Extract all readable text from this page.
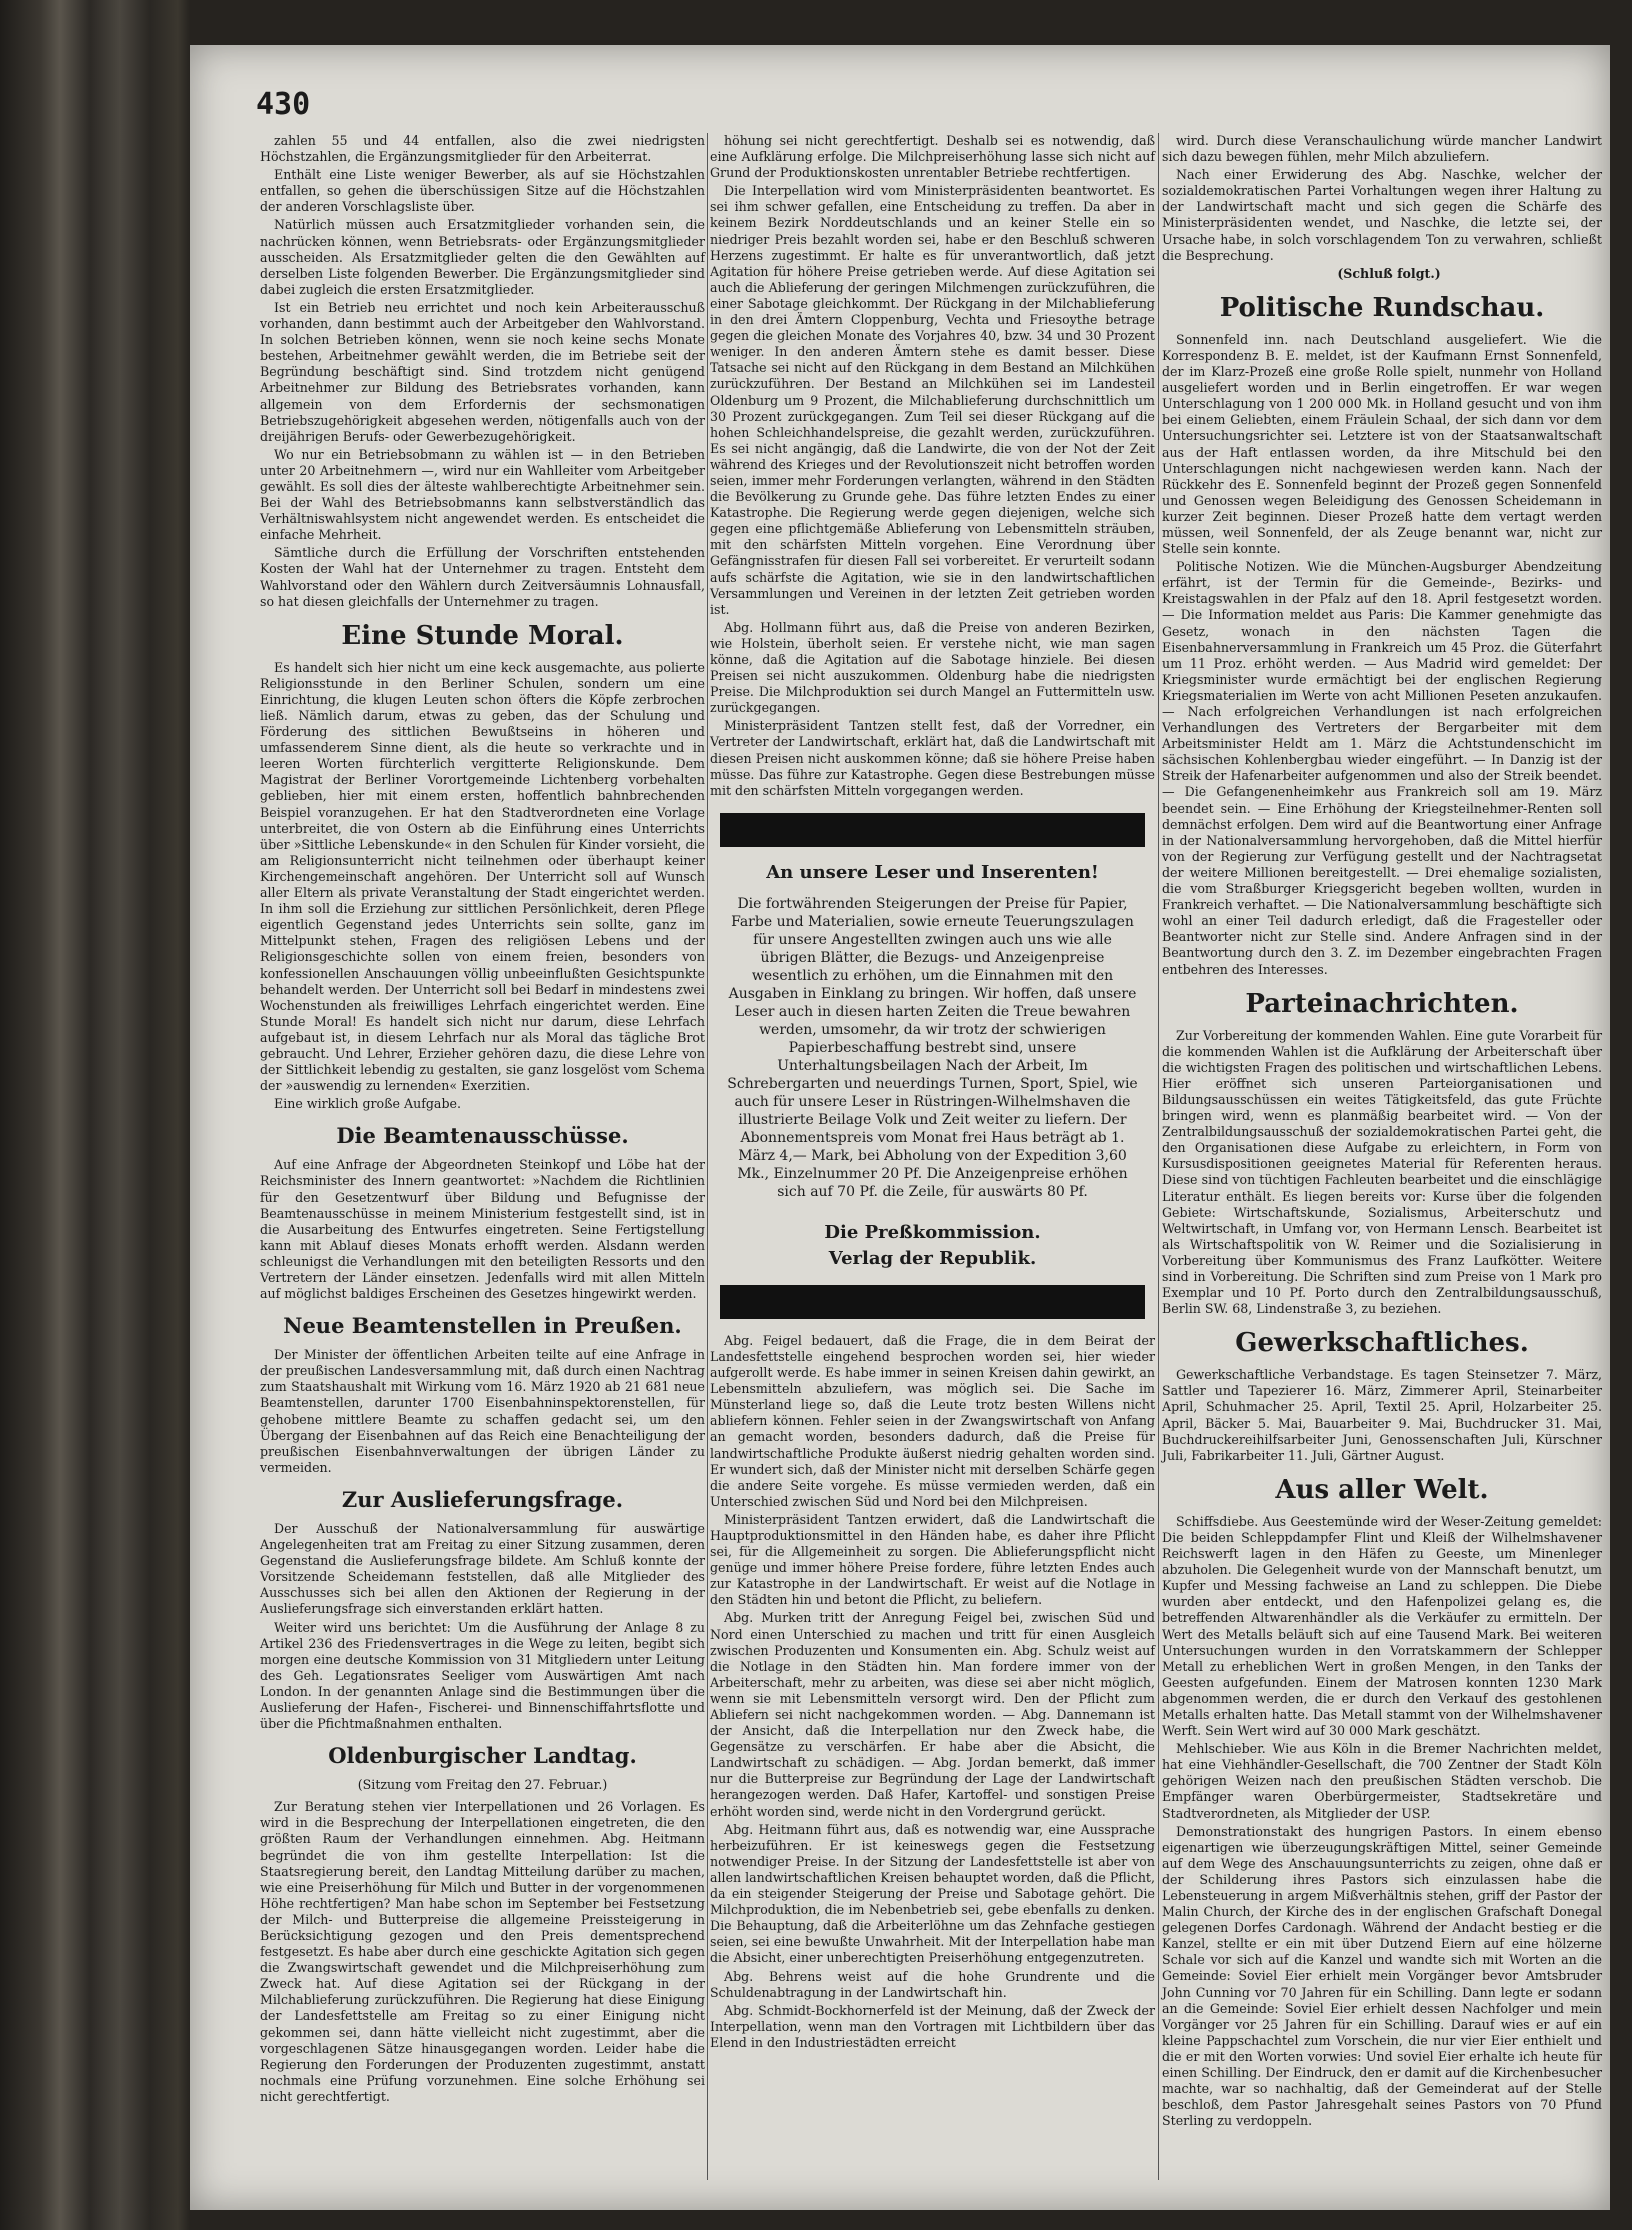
430

zahlen 55 und 44 entfallen, also die zwei niedrigsten Höchstzahlen, die Ergänzungsmitglieder für den Arbeiterrat.

Enthält eine Liste weniger Bewerber, als auf sie Höchstzahlen entfallen, so gehen die überschüssigen Sitze auf die Höchstzahlen der anderen Vorschlagsliste über.

Natürlich müssen auch Ersatzmitglieder vorhanden sein, die nachrücken können, wenn Betriebsrats- oder Ergänzungsmitglieder ausscheiden. Als Ersatzmitglieder gelten die den Gewählten auf derselben Liste folgenden Bewerber. Die Ergänzungsmitglieder sind dabei zugleich die ersten Ersatzmitglieder.

Ist ein Betrieb neu errichtet und noch kein Arbeiterausschuß vorhanden, dann bestimmt auch der Arbeitgeber den Wahlvorstand. In solchen Betrieben können, wenn sie noch keine sechs Monate bestehen, Arbeitnehmer gewählt werden, die im Betriebe seit der Begründung beschäftigt sind. Sind trotzdem nicht genügend Arbeitnehmer zur Bildung des Betriebsrates vorhanden, kann allgemein von dem Erfordernis der sechsmonatigen Betriebszugehörigkeit abgesehen werden, nötigenfalls auch von der dreijährigen Berufs- oder Gewerbezugehörigkeit.

Wo nur ein Betriebsobmann zu wählen ist — in den Betrieben unter 20 Arbeitnehmern —, wird nur ein Wahlleiter vom Arbeitgeber gewählt. Es soll dies der älteste wahlberechtigte Arbeitnehmer sein. Bei der Wahl des Betriebsobmanns kann selbstverständlich das Verhältniswahlsystem nicht angewendet werden. Es entscheidet die einfache Mehrheit.

Sämtliche durch die Erfüllung der Vorschriften entstehenden Kosten der Wahl hat der Unternehmer zu tragen. Entsteht dem Wahlvorstand oder den Wählern durch Zeitversäumnis Lohnausfall, so hat diesen gleichfalls der Unternehmer zu tragen.

Eine Stunde Moral.

Es handelt sich hier nicht um eine keck ausgemachte, aus polierte Religionsstunde in den Berliner Schulen, sondern um eine Einrichtung, die klugen Leuten schon öfters die Köpfe zerbrochen ließ. Nämlich darum, etwas zu geben, das der Schulung und Förderung des sittlichen Bewußtseins in höheren und umfassenderem Sinne dient, als die heute so verkrachte und in leeren Worten fürchterlich vergitterte Religionskunde. Dem Magistrat der Berliner Vorortgemeinde Lichtenberg vorbehalten geblieben, hier mit einem ersten, hoffentlich bahnbrechenden Beispiel voranzugehen. Er hat den Stadtverordneten eine Vorlage unterbreitet, die von Ostern ab die Einführung eines Unterrichts über »Sittliche Lebenskunde« in den Schulen für Kinder vorsieht, die am Religionsunterricht nicht teilnehmen oder überhaupt keiner Kirchengemeinschaft angehören. Der Unterricht soll auf Wunsch aller Eltern als private Veranstaltung der Stadt eingerichtet werden. In ihm soll die Erziehung zur sittlichen Persönlichkeit, deren Pflege eigentlich Gegenstand jedes Unterrichts sein sollte, ganz im Mittelpunkt stehen, Fragen des religiösen Lebens und der Religionsgeschichte sollen von einem freien, besonders von konfessionellen Anschauungen völlig unbeeinflußten Gesichtspunkte behandelt werden. Der Unterricht soll bei Bedarf in mindestens zwei Wochenstunden als freiwilliges Lehrfach eingerichtet werden. Eine Stunde Moral! Es handelt sich nicht nur darum, diese Lehrfach aufgebaut ist, in diesem Lehrfach nur als Moral das tägliche Brot gebraucht. Und Lehrer, Erzieher gehören dazu, die diese Lehre von der Sittlichkeit lebendig zu gestalten, sie ganz losgelöst vom Schema der »auswendig zu lernenden« Exerzitien.

Eine wirklich große Aufgabe.

Die Beamtenausschüsse.

Auf eine Anfrage der Abgeordneten Steinkopf und Löbe hat der Reichsminister des Innern geantwortet: »Nachdem die Richtlinien für den Gesetzentwurf über Bildung und Befugnisse der Beamtenausschüsse in meinem Ministerium festgestellt sind, ist in die Ausarbeitung des Entwurfes eingetreten. Seine Fertigstellung kann mit Ablauf dieses Monats erhofft werden. Alsdann werden schleunigst die Verhandlungen mit den beteiligten Ressorts und den Vertretern der Länder einsetzen. Jedenfalls wird mit allen Mitteln auf möglichst baldiges Erscheinen des Gesetzes hingewirkt werden.

Neue Beamtenstellen in Preußen.

Der Minister der öffentlichen Arbeiten teilte auf eine Anfrage in der preußischen Landesversammlung mit, daß durch einen Nachtrag zum Staatshaushalt mit Wirkung vom 16. März 1920 ab 21 681 neue Beamtenstellen, darunter 1700 Eisenbahninspektorenstellen, für gehobene mittlere Beamte zu schaffen gedacht sei, um den Übergang der Eisenbahnen auf das Reich eine Benachteiligung der preußischen Eisenbahnverwaltungen der übrigen Länder zu vermeiden.

Zur Auslieferungsfrage.

Der Ausschuß der Nationalversammlung für auswärtige Angelegenheiten trat am Freitag zu einer Sitzung zusammen, deren Gegenstand die Auslieferungsfrage bildete. Am Schluß konnte der Vorsitzende Scheidemann feststellen, daß alle Mitglieder des Ausschusses sich bei allen den Aktionen der Regierung in der Auslieferungsfrage sich einverstanden erklärt hatten.

Weiter wird uns berichtet: Um die Ausführung der Anlage 8 zu Artikel 236 des Friedensvertrages in die Wege zu leiten, begibt sich morgen eine deutsche Kommission von 31 Mitgliedern unter Leitung des Geh. Legationsrates Seeliger vom Auswärtigen Amt nach London. In der genannten Anlage sind die Bestimmungen über die Auslieferung der Hafen-, Fischerei- und Binnenschiffahrtsflotte und über die Pfichtmaßnahmen enthalten.

Oldenburgischer Landtag.
(Sitzung vom Freitag den 27. Februar.)

Zur Beratung stehen vier Interpellationen und 26 Vorlagen. Es wird in die Besprechung der Interpellationen eingetreten, die den größten Raum der Verhandlungen einnehmen. Abg. Heitmann begründet die von ihm gestellte Interpellation: Ist die Staatsregierung bereit, den Landtag Mitteilung darüber zu machen, wie eine Preiserhöhung für Milch und Butter in der vorgenommenen Höhe rechtfertigen? Man habe schon im September bei Festsetzung der Milch- und Butterpreise die allgemeine Preissteigerung in Berücksichtigung gezogen und den Preis dementsprechend festgesetzt. Es habe aber durch eine geschickte Agitation sich gegen die Zwangswirtschaft gewendet und die Milchpreiserhöhung zum Zweck hat. Auf diese Agitation sei der Rückgang in der Milchablieferung zurückzuführen. Die Regierung hat diese Einigung der Landesfettstelle am Freitag so zu einer Einigung nicht gekommen sei, dann hätte vielleicht nicht zugestimmt, aber die vorgeschlagenen Sätze hinausgegangen worden. Leider habe die Regierung den Forderungen der Produzenten zugestimmt, anstatt nochmals eine Prüfung vorzunehmen. Eine solche Erhöhung sei nicht gerechtfertigt.

höhung sei nicht gerechtfertigt. Deshalb sei es notwendig, daß eine Aufklärung erfolge. Die Milchpreiserhöhung lasse sich nicht auf Grund der Produktionskosten unrentabler Betriebe rechtfertigen.

Die Interpellation wird vom Ministerpräsidenten beantwortet. Es sei ihm schwer gefallen, eine Entscheidung zu treffen. Da aber in keinem Bezirk Norddeutschlands und an keiner Stelle ein so niedriger Preis bezahlt worden sei, habe er den Beschluß schweren Herzens zugestimmt. Er halte es für unverantwortlich, daß jetzt Agitation für höhere Preise getrieben werde. Auf diese Agitation sei auch die Ablieferung der geringen Milchmengen zurückzuführen, die einer Sabotage gleichkommt. Der Rückgang in der Milchablieferung in den drei Ämtern Cloppenburg, Vechta und Friesoythe betrage gegen die gleichen Monate des Vorjahres 40, bzw. 34 und 30 Prozent weniger. In den anderen Ämtern stehe es damit besser. Diese Tatsache sei nicht auf den Rückgang in dem Bestand an Milchkühen zurückzuführen. Der Bestand an Milchkühen sei im Landesteil Oldenburg um 9 Prozent, die Milchablieferung durchschnittlich um 30 Prozent zurückgegangen. Zum Teil sei dieser Rückgang auf die hohen Schleichhandelspreise, die gezahlt werden, zurückzuführen. Es sei nicht angängig, daß die Landwirte, die von der Not der Zeit während des Krieges und der Revolutionszeit nicht betroffen worden seien, immer mehr Forderungen verlangten, während in den Städten die Bevölkerung zu Grunde gehe. Das führe letzten Endes zu einer Katastrophe. Die Regierung werde gegen diejenigen, welche sich gegen eine pflichtgemäße Ablieferung von Lebensmitteln sträuben, mit den schärfsten Mitteln vorgehen. Eine Verordnung über Gefängnisstrafen für diesen Fall sei vorbereitet. Er verurteilt sodann aufs schärfste die Agitation, wie sie in den landwirtschaftlichen Versammlungen und Vereinen in der letzten Zeit getrieben worden ist.

Abg. Hollmann führt aus, daß die Preise von anderen Bezirken, wie Holstein, überholt seien. Er verstehe nicht, wie man sagen könne, daß die Agitation auf die Sabotage hinziele. Bei diesen Preisen sei nicht auszukommen. Oldenburg habe die niedrigsten Preise. Die Milchproduktion sei durch Mangel an Futtermitteln usw. zurückgegangen.

Ministerpräsident Tantzen stellt fest, daß der Vorredner, ein Vertreter der Landwirtschaft, erklärt hat, daß die Landwirtschaft mit diesen Preisen nicht auskommen könne; daß sie höhere Preise haben müsse. Das führe zur Katastrophe. Gegen diese Bestrebungen müsse mit den schärfsten Mitteln vorgegangen werden.

An unsere Leser und Inserenten!

Die fortwährenden Steigerungen der Preise für Papier, Farbe und Materialien, sowie erneute Teuerungszulagen für unsere Angestellten zwingen auch uns wie alle übrigen Blätter, die Bezugs- und Anzeigenpreise wesentlich zu erhöhen, um die Einnahmen mit den Ausgaben in Einklang zu bringen. Wir hoffen, daß unsere Leser auch in diesen harten Zeiten die Treue bewahren werden, umsomehr, da wir trotz der schwierigen Papierbeschaffung bestrebt sind, unsere Unterhaltungsbeilagen Nach der Arbeit, Im Schrebergarten und neuerdings Turnen, Sport, Spiel, wie auch für unsere Leser in Rüstringen-Wilhelmshaven die illustrierte Beilage Volk und Zeit weiter zu liefern. Der Abonnementspreis vom Monat frei Haus beträgt ab 1. März 4,— Mark, bei Abholung von der Expedition 3,60 Mk., Einzelnummer 20 Pf. Die Anzeigenpreise erhöhen sich auf 70 Pf. die Zeile, für auswärts 80 Pf.

Die Preßkommission.

Verlag der Republik.

Abg. Feigel bedauert, daß die Frage, die in dem Beirat der Landesfettstelle eingehend besprochen worden sei, hier wieder aufgerollt werde. Es habe immer in seinen Kreisen dahin gewirkt, an Lebensmitteln abzuliefern, was möglich sei. Die Sache im Münsterland liege so, daß die Leute trotz besten Willens nicht abliefern können. Fehler seien in der Zwangswirtschaft von Anfang an gemacht worden, besonders dadurch, daß die Preise für landwirtschaftliche Produkte äußerst niedrig gehalten worden sind. Er wundert sich, daß der Minister nicht mit derselben Schärfe gegen die andere Seite vorgehe. Es müsse vermieden werden, daß ein Unterschied zwischen Süd und Nord bei den Milchpreisen.

Ministerpräsident Tantzen erwidert, daß die Landwirtschaft die Hauptproduktionsmittel in den Händen habe, es daher ihre Pflicht sei, für die Allgemeinheit zu sorgen. Die Ablieferungspflicht nicht genüge und immer höhere Preise fordere, führe letzten Endes auch zur Katastrophe in der Landwirtschaft. Er weist auf die Notlage in den Städten hin und betont die Pflicht, zu beliefern.

Abg. Murken tritt der Anregung Feigel bei, zwischen Süd und Nord einen Unterschied zu machen und tritt für einen Ausgleich zwischen Produzenten und Konsumenten ein. Abg. Schulz weist auf die Notlage in den Städten hin. Man fordere immer von der Arbeiterschaft, mehr zu arbeiten, was diese sei aber nicht möglich, wenn sie mit Lebensmitteln versorgt wird. Den der Pflicht zum Abliefern sei nicht nachgekommen worden. — Abg. Dannemann ist der Ansicht, daß die Interpellation nur den Zweck habe, die Gegensätze zu verschärfen. Er habe aber die Absicht, die Landwirtschaft zu schädigen. — Abg. Jordan bemerkt, daß immer nur die Butterpreise zur Begründung der Lage der Landwirtschaft herangezogen werden. Daß Hafer, Kartoffel- und sonstigen Preise erhöht worden sind, werde nicht in den Vordergrund gerückt.

Abg. Heitmann führt aus, daß es notwendig war, eine Aussprache herbeizuführen. Er ist keineswegs gegen die Festsetzung notwendiger Preise. In der Sitzung der Landesfettstelle ist aber von allen landwirtschaftlichen Kreisen behauptet worden, daß die Pflicht, da ein steigender Steigerung der Preise und Sabotage gehört. Die Milchproduktion, die im Nebenbetrieb sei, gebe ebenfalls zu denken. Die Behauptung, daß die Arbeiterlöhne um das Zehnfache gestiegen seien, sei eine bewußte Unwahrheit. Mit der Interpellation habe man die Absicht, einer unberechtigten Preiserhöhung entgegenzutreten.

Abg. Behrens weist auf die hohe Grundrente und die Schuldenabtragung in der Landwirtschaft hin.

Abg. Schmidt-Bockhornerfeld ist der Meinung, daß der Zweck der Interpellation, wenn man den Vortragen mit Lichtbildern über das Elend in den Industriestädten erreicht

wird. Durch diese Veranschaulichung würde mancher Landwirt sich dazu bewegen fühlen, mehr Milch abzuliefern.

Nach einer Erwiderung des Abg. Naschke, welcher der sozialdemokratischen Partei Vorhaltungen wegen ihrer Haltung zu der Landwirtschaft macht und sich gegen die Schärfe des Ministerpräsidenten wendet, und Naschke, die letzte sei, der Ursache habe, in solch vorschlagendem Ton zu verwahren, schließt die Besprechung.

(Schluß folgt.)

Politische Rundschau.

Sonnenfeld inn. nach Deutschland ausgeliefert. Wie die Korrespondenz B. E. meldet, ist der Kaufmann Ernst Sonnenfeld, der im Klarz-Prozeß eine große Rolle spielt, nunmehr von Holland ausgeliefert worden und in Berlin eingetroffen. Er war wegen Unterschlagung von 1 200 000 Mk. in Holland gesucht und von ihm bei einem Geliebten, einem Fräulein Schaal, der sich dann vor dem Untersuchungsrichter sei. Letztere ist von der Staatsanwaltschaft aus der Haft entlassen worden, da ihre Mitschuld bei den Unterschlagungen nicht nachgewiesen werden kann. Nach der Rückkehr des E. Sonnenfeld beginnt der Prozeß gegen Sonnenfeld und Genossen wegen Beleidigung des Genossen Scheidemann in kurzer Zeit beginnen. Dieser Prozeß hatte dem vertagt werden müssen, weil Sonnenfeld, der als Zeuge benannt war, nicht zur Stelle sein konnte.

Politische Notizen. Wie die München-Augsburger Abendzeitung erfährt, ist der Termin für die Gemeinde-, Bezirks- und Kreistagswahlen in der Pfalz auf den 18. April festgesetzt worden. — Die Information meldet aus Paris: Die Kammer genehmigte das Gesetz, wonach in den nächsten Tagen die Eisenbahnerversammlung in Frankreich um 45 Proz. die Güterfahrt um 11 Proz. erhöht werden. — Aus Madrid wird gemeldet: Der Kriegsminister wurde ermächtigt bei der englischen Regierung Kriegsmaterialien im Werte von acht Millionen Peseten anzukaufen. — Nach erfolgreichen Verhandlungen ist nach erfolgreichen Verhandlungen des Vertreters der Bergarbeiter mit dem Arbeitsminister Heldt am 1. März die Achtstundenschicht im sächsischen Kohlenbergbau wieder eingeführt. — In Danzig ist der Streik der Hafenarbeiter aufgenommen und also der Streik beendet. — Die Gefangenenheimkehr aus Frankreich soll am 19. März beendet sein. — Eine Erhöhung der Kriegsteilnehmer-Renten soll demnächst erfolgen. Dem wird auf die Beantwortung einer Anfrage in der Nationalversammlung hervorgehoben, daß die Mittel hierfür von der Regierung zur Verfügung gestellt und der Nachtragsetat der weitere Millionen bereitgestellt. — Drei ehemalige sozialisten, die vom Straßburger Kriegsgericht begeben wollten, wurden in Frankreich verhaftet. — Die Nationalversammlung beschäftigte sich wohl an einer Teil dadurch erledigt, daß die Fragesteller oder Beantworter nicht zur Stelle sind. Andere Anfragen sind in der Beantwortung durch den 3. Z. im Dezember eingebrachten Fragen entbehren des Interesses.

Parteinachrichten.

Zur Vorbereitung der kommenden Wahlen. Eine gute Vorarbeit für die kommenden Wahlen ist die Aufklärung der Arbeiterschaft über die wichtigsten Fragen des politischen und wirtschaftlichen Lebens. Hier eröffnet sich unseren Parteiorganisationen und Bildungsausschüssen ein weites Tätigkeitsfeld, das gute Früchte bringen wird, wenn es planmäßig bearbeitet wird. — Von der Zentralbildungsausschuß der sozialdemokratischen Partei geht, die den Organisationen diese Aufgabe zu erleichtern, in Form von Kursusdispositionen geeignetes Material für Referenten heraus. Diese sind von tüchtigen Fachleuten bearbeitet und die einschlägige Literatur enthält. Es liegen bereits vor: Kurse über die folgenden Gebiete: Wirtschaftskunde, Sozialismus, Arbeiterschutz und Weltwirtschaft, in Umfang vor, von Hermann Lensch. Bearbeitet ist als Wirtschaftspolitik von W. Reimer und die Sozialisierung in Vorbereitung über Kommunismus des Franz Laufkötter. Weitere sind in Vorbereitung. Die Schriften sind zum Preise von 1 Mark pro Exemplar und 10 Pf. Porto durch den Zentralbildungsausschuß, Berlin SW. 68, Lindenstraße 3, zu beziehen.

Gewerkschaftliches.

Gewerkschaftliche Verbandstage. Es tagen Steinsetzer 7. März, Sattler und Tapezierer 16. März, Zimmerer April, Steinarbeiter April, Schuhmacher 25. April, Textil 25. April, Holzarbeiter 25. April, Bäcker 5. Mai, Bauarbeiter 9. Mai, Buchdrucker 31. Mai, Buchdruckereihilfsarbeiter Juni, Genossenschaften Juli, Kürschner Juli, Fabrikarbeiter 11. Juli, Gärtner August.

Aus aller Welt.

Schiffsdiebe. Aus Geestemünde wird der Weser-Zeitung gemeldet: Die beiden Schleppdampfer Flint und Kleiß der Wilhelmshavener Reichswerft lagen in den Häfen zu Geeste, um Minenleger abzuholen. Die Gelegenheit wurde von der Mannschaft benutzt, um Kupfer und Messing fachweise an Land zu schleppen. Die Diebe wurden aber entdeckt, und den Hafenpolizei gelang es, die betreffenden Altwarenhändler als die Verkäufer zu ermitteln. Der Wert des Metalls beläuft sich auf eine Tausend Mark. Bei weiteren Untersuchungen wurden in den Vorratskammern der Schlepper Metall zu erheblichen Wert in großen Mengen, in den Tanks der Geesten aufgefunden. Einem der Matrosen konnten 1230 Mark abgenommen werden, die er durch den Verkauf des gestohlenen Metalls erhalten hatte. Das Metall stammt von der Wilhelmshavener Werft. Sein Wert wird auf 30 000 Mark geschätzt.

Mehlschieber. Wie aus Köln in die Bremer Nachrichten meldet, hat eine Viehhändler-Gesellschaft, die 700 Zentner der Stadt Köln gehörigen Weizen nach den preußischen Städten verschob. Die Empfänger waren Oberbürgermeister, Stadtsekretäre und Stadtverordneten, als Mitglieder der USP.

Demonstrationstakt des hungrigen Pastors. In einem ebenso eigenartigen wie überzeugungskräftigen Mittel, seiner Gemeinde auf dem Wege des Anschauungsunterrichts zu zeigen, ohne daß er der Schilderung ihres Pastors sich einzulassen habe die Lebensteuerung in argem Mißverhältnis stehen, griff der Pastor der Malin Church, der Kirche des in der englischen Grafschaft Donegal gelegenen Dorfes Cardonagh. Während der Andacht bestieg er die Kanzel, stellte er ein mit über Dutzend Eiern auf eine hölzerne Schale vor sich auf die Kanzel und wandte sich mit Worten an die Gemeinde: Soviel Eier erhielt mein Vorgänger bevor Amtsbruder John Cunning vor 70 Jahren für ein Schilling. Dann legte er sodann an die Gemeinde: Soviel Eier erhielt dessen Nachfolger und mein Vorgänger vor 25 Jahren für ein Schilling. Darauf wies er auf ein kleine Pappschachtel zum Vorschein, die nur vier Eier enthielt und die er mit den Worten vorwies: Und soviel Eier erhalte ich heute für einen Schilling. Der Eindruck, den er damit auf die Kirchenbesucher machte, war so nachhaltig, daß der Gemeinderat auf der Stelle beschloß, dem Pastor Jahresgehalt seines Pastors von 70 Pfund Sterling zu verdoppeln.
